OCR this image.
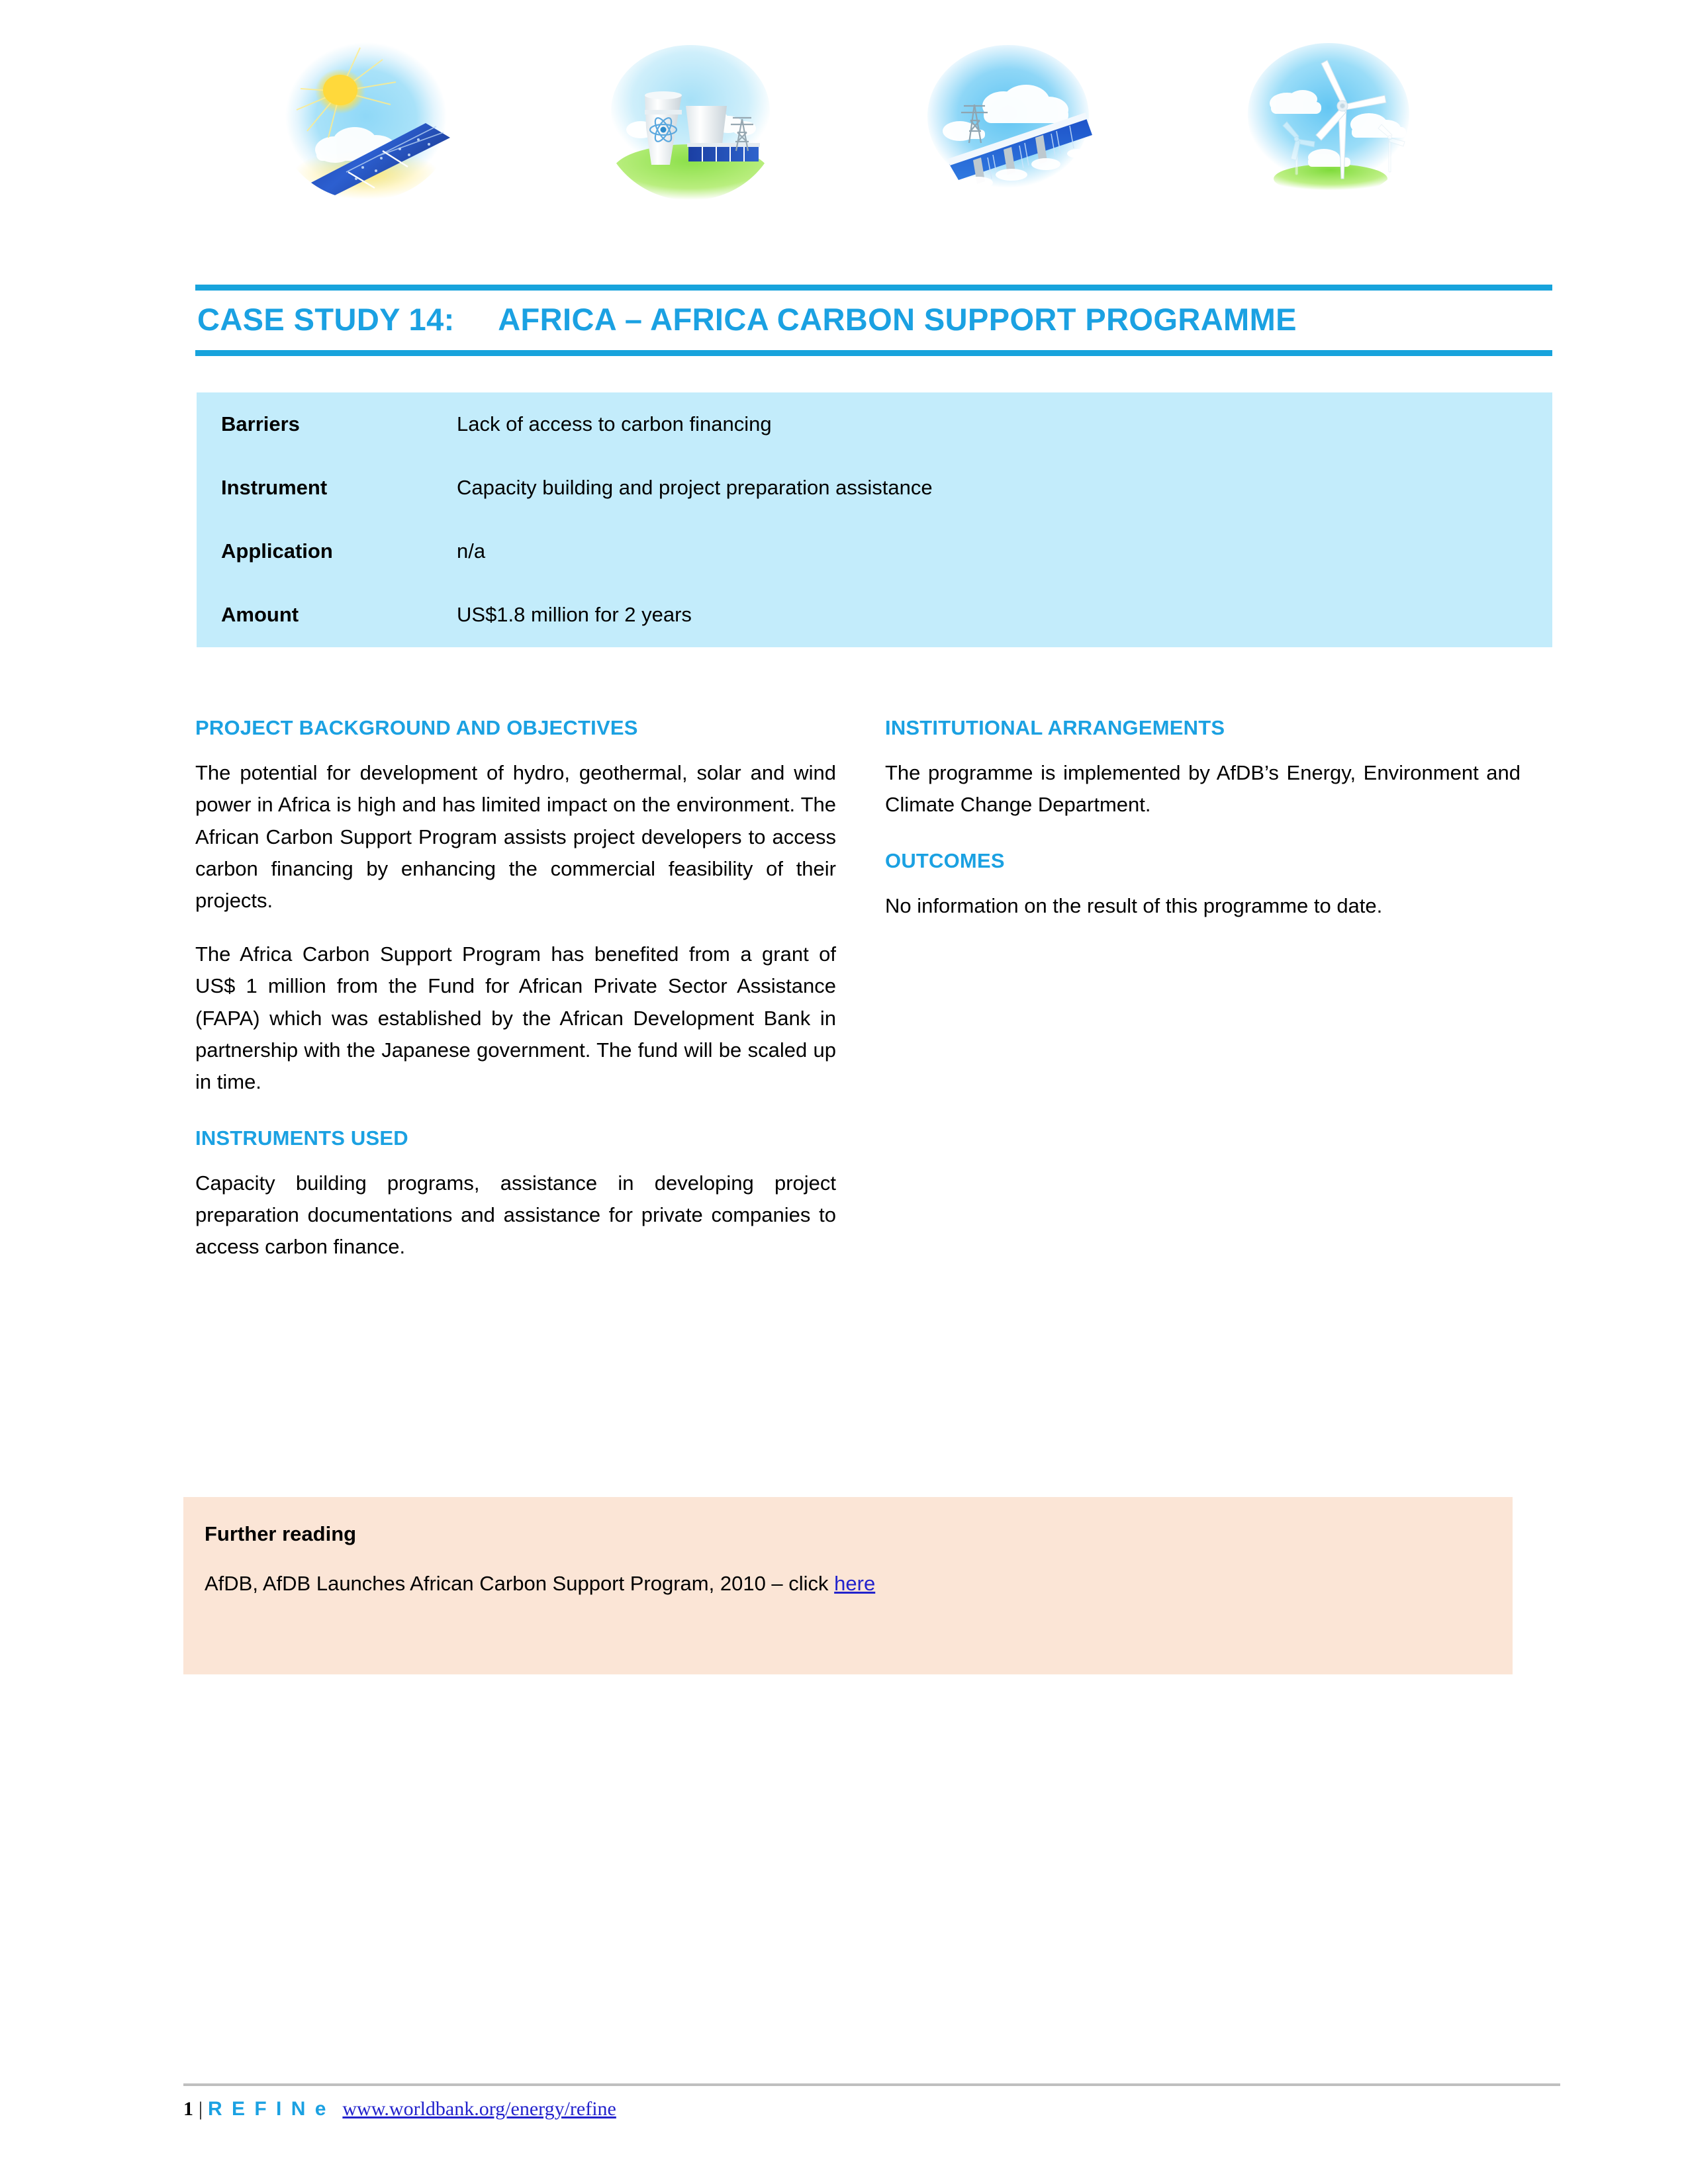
CASE STUDY 14:     AFRICA – AFRICA CARBON SUPPORT PROGRAMME
Barriers	Lack of access to carbon financing
Instrument	Capacity building and project preparation assistance
Application	n/a
Amount	US$1.8 million for 2 years
PROJECT BACKGROUND AND OBJECTIVES

The potential for development of hydro, geothermal, solar and wind power in Africa is high and has limited impact on the environment. The African Carbon Support Program assists project developers to access carbon financing by enhancing the commercial feasibility of their projects.

The Africa Carbon Support Program has benefited from a grant of US$ 1 million from the Fund for African Private Sector Assistance (FAPA) which was established by the African Development Bank in partnership with the Japanese government. The fund will be scaled up in time.

INSTRUMENTS USED

Capacity building programs, assistance in developing project preparation documentations and assistance for private companies to access carbon finance.

INSTITUTIONAL ARRANGEMENTS

The programme is implemented by AfDB’s Energy, Environment and Climate Change Department.

OUTCOMES

No information on the result of this programme to date.

Further reading
AfDB, AfDB Launches African Carbon Support Program, 2010 – click here
1 | R E F I N e www.worldbank.org/energy/refine
